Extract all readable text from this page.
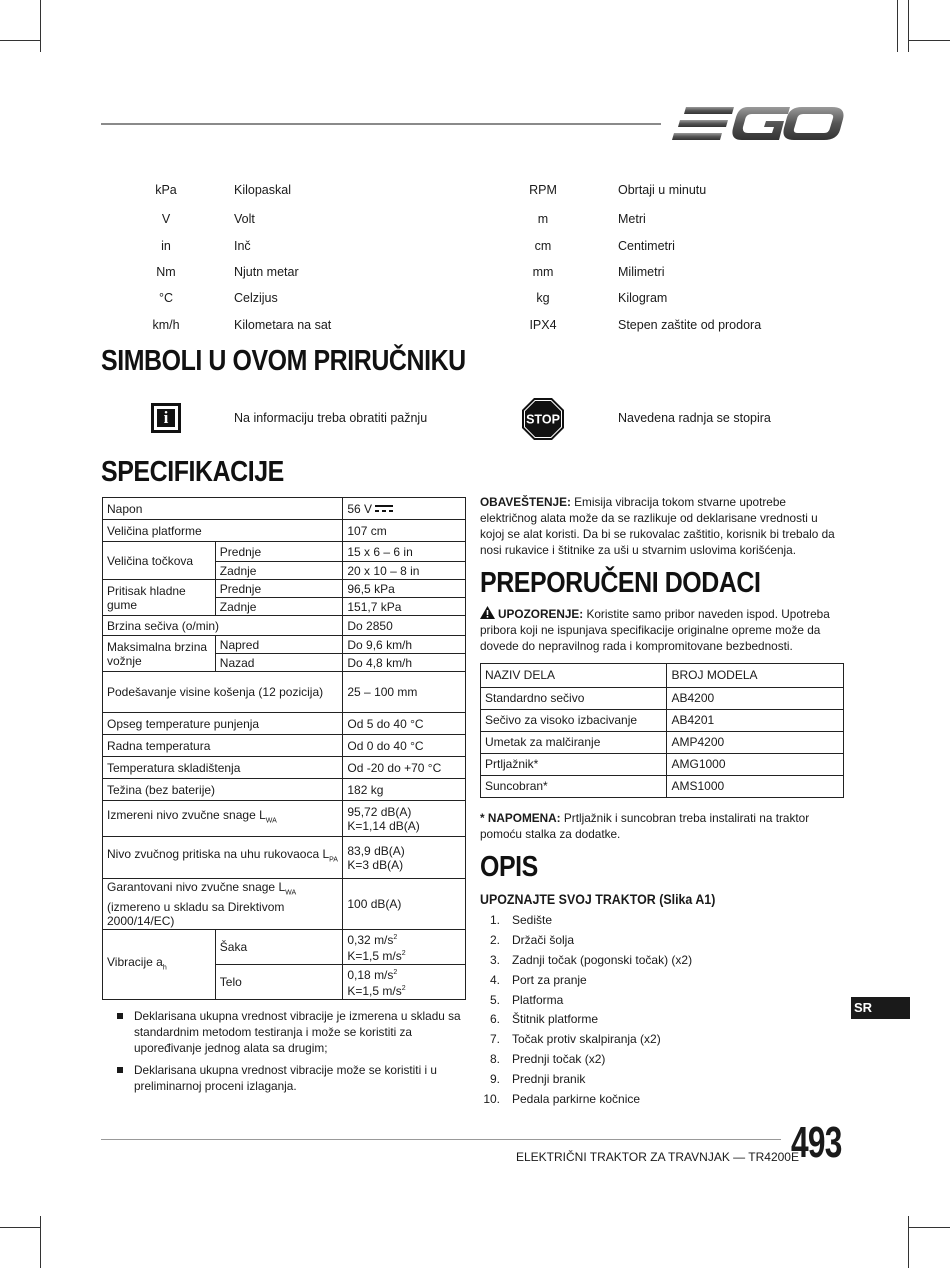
kPa	Kilopaskal	RPM	Obrtaji u minutu
V	Volt	m	Metri
in	Inč	cm	Centimetri
Nm	Njutn metar	mm	Milimetri
°C	Celzijus	kg	Kilogram
km/h	Kilometara na sat	IPX4	Stepen zaštite od prodora
SIMBOLI U OVOM PRIRUČNIKU
i	Na informaciju treba obratiti pažnju	STOP	Navedena radnja se stopira
SPECIFIKACIJE
Napon		56 V
Veličina platforme		107 cm
Veličina točkova	Prednje	15 x 6 – 6 in
	Zadnje	20 x 10 – 8 in
Pritisak hladne gume	Prednje	96,5 kPa
	Zadnje	151,7 kPa
Brzina sečiva (o/min)		Do 2850
Maksimalna brzina vožnje	Napred	Do 9,6 km/h
	Nazad	Do 4,8 km/h
Podešavanje visine košenja (12 pozicija)		25 – 100 mm
Opseg temperature punjenja		Od 5 do 40 °C
Radna temperatura		Od 0 do 40 °C
Temperatura skladištenja		Od -20 do +70 °C
Težina (bez baterije)		182 kg
Izmereni nivo zvučne snage $L_{WA}$		95,72 dB(A)
K=1,14 dB(A)

Nivo zvučnog pritiska na uhu rukovaoca $L_{PA}$		83,9 dB(A)
K=3 dB(A)

Garantovani nivo zvučne snage $L_{WA}$
(izmereno u skladu sa Direktivom 2000/14/EC)		100 dB(A)
Vibracije $a_h$	Šaka	0,32 $m/s^2$
K=1,5 $m/s^2$

	Telo	0,18 $m/s^2$
K=1,5 $m/s^2$
Deklarisana ukupna vrednost vibracije je izmerena u skladu sa standardnim metodom testiranja i može se koristiti za upoređivanje jednog alata sa drugim;
Deklarisana ukupna vrednost vibracije može se koristiti i u preliminarnoj proceni izlaganja.
OBAVEŠTENJE: Emisija vibracija tokom stvarne upotrebe električnog alata može da se razlikuje od deklarisane vrednosti u kojoj se alat koristi. Da bi se rukovalac zaštitio, korisnik bi trebalo da nosi rukavice i štitnike za uši u stvarnim uslovima korišćenja.
PREPORUČENI DODACI
UPOZORENJE: Koristite samo pribor naveden ispod. Upotreba pribora koji ne ispunjava specifikacije originalne opreme može da dovede do nepravilnog rada i kompromitovane bezbednosti.
NAZIV DELA	BROJ MODELA
Standardno sečivo	AB4200
Sečivo za visoko izbacivanje	AB4201
Umetak za malčiranje	AMP4200
Prtljažnik*	AMG1000
Suncobran*	AMS1000
* NAPOMENA: Prtljažnik i suncobran treba instalirati na traktor pomoću stalka za dodatke.
OPIS
UPOZNAJTE SVOJ TRAKTOR (Slika A1)
1. Sedište
2. Držači šolja
3. Zadnji točak (pogonski točak) (x2)
4. Port za pranje
5. Platforma
6. Štitnik platforme
7. Točak protiv skalpiranja (x2)
8. Prednji točak (x2)
9. Prednji branik
10. Pedala parkirne kočnice
SR
ELEKTRIČNI TRAKTOR ZA TRAVNJAK — TR4200E
493
